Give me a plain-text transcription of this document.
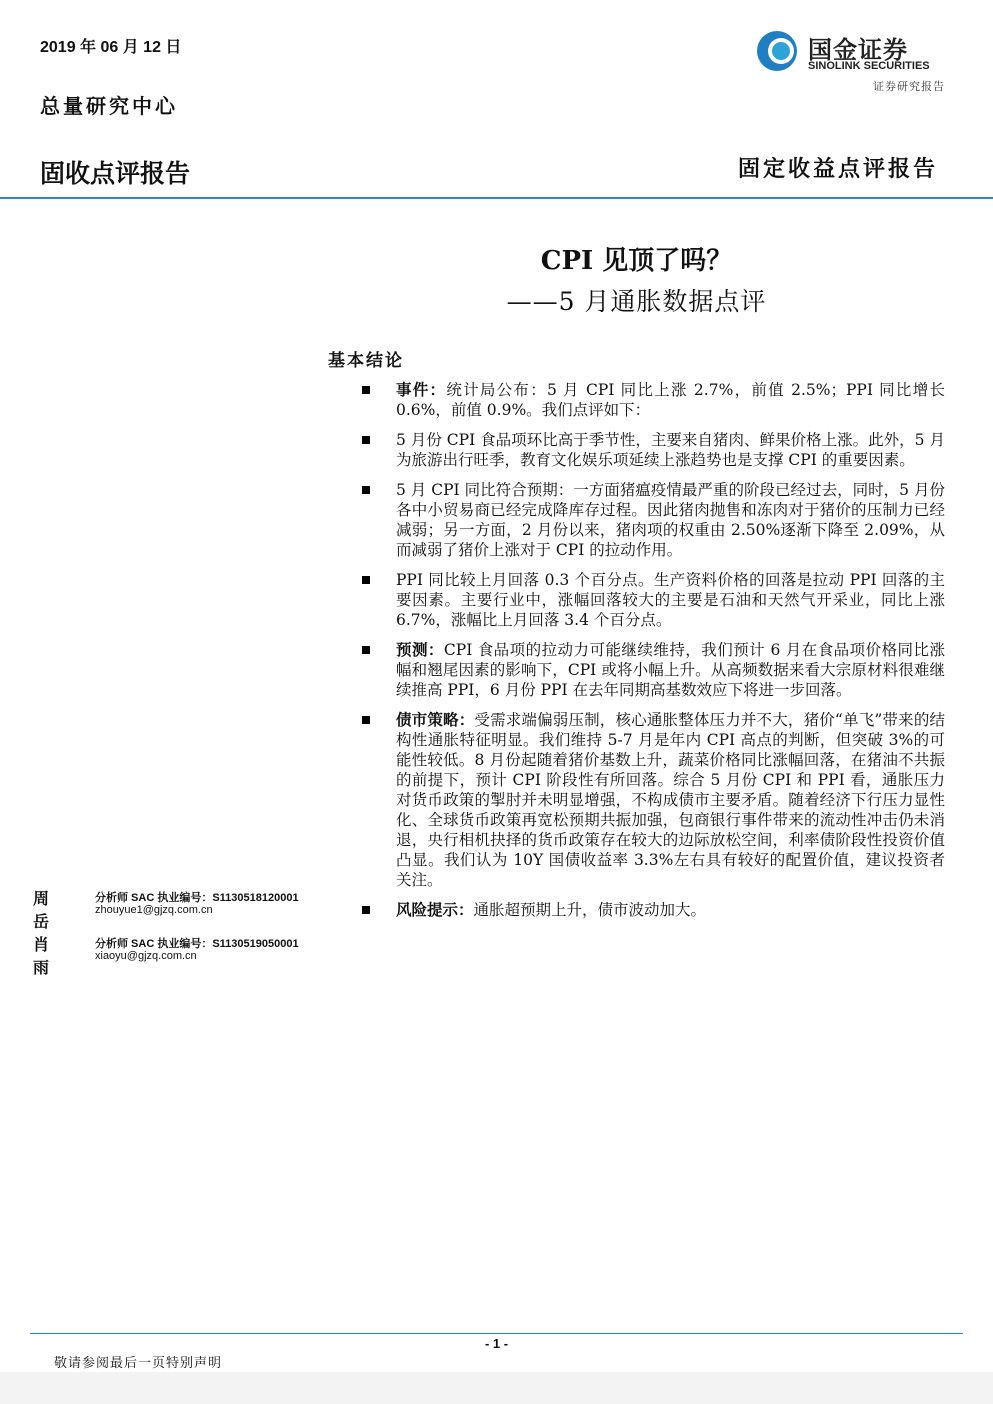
2019 年 06 月 12 日
总量研究中心
国金证券
SINOLINK SECURITIES
证券研究报告
固收点评报告	固定收益点评报告
CPI 见顶了吗？
——5 月通胀数据点评
基本结论
事件：统计局公布：5 月 CPI 同比上涨 2.7%，前值 2.5%；PPI 同比增长 0.6%，前值 0.9%。我们点评如下：
5 月份 CPI 食品项环比高于季节性，主要来自猪肉、鲜果价格上涨。此外，5 月为旅游出行旺季，教育文化娱乐项延续上涨趋势也是支撑 CPI 的重要因素。
5 月 CPI 同比符合预期：一方面猪瘟疫情最严重的阶段已经过去，同时，5 月份各中小贸易商已经完成降库存过程。因此猪肉抛售和冻肉对于猪价的压制力已经减弱；另一方面，2 月份以来，猪肉项的权重由 2.50%逐渐下降至 2.09%，从而减弱了猪价上涨对于 CPI 的拉动作用。
PPI 同比较上月回落 0.3 个百分点。生产资料价格的回落是拉动 PPI 回落的主要因素。主要行业中，涨幅回落较大的主要是石油和天然气开采业，同比上涨 6.7%，涨幅比上月回落 3.4 个百分点。
预测：CPI 食品项的拉动力可能继续维持，我们预计 6 月在食品项价格同比涨幅和翘尾因素的影响下，CPI 或将小幅上升。从高频数据来看大宗原材料很难继续推高 PPI，6 月份 PPI 在去年同期高基数效应下将进一步回落。
债市策略：受需求端偏弱压制，核心通胀整体压力并不大，猪价“单飞”带来的结构性通胀特征明显。我们维持 5-7 月是年内 CPI 高点的判断，但突破 3%的可能性较低。8 月份起随着猪价基数上升，蔬菜价格同比涨幅回落，在猪油不共振的前提下，预计 CPI 阶段性有所回落。综合 5 月份 CPI 和 PPI 看，通胀压力对货币政策的掣肘并未明显增强，不构成债市主要矛盾。随着经济下行压力显性化、全球货币政策再宽松预期共振加强，包商银行事件带来的流动性冲击仍未消退，央行相机抉择的货币政策存在较大的边际放松空间，利率债阶段性投资价值凸显。我们认为 10Y 国债收益率 3.3%左右具有较好的配置价值，建议投资者关注。
风险提示：通胀超预期上升，债市波动加大。
周岳
分析师 SAC 执业编号：S1130518120001
zhouyue1@gjzq.com.cn
肖雨
分析师 SAC 执业编号：S1130519050001
xiaoyu@gjzq.com.cn
- 1 -
敬请参阅最后一页特别声明
